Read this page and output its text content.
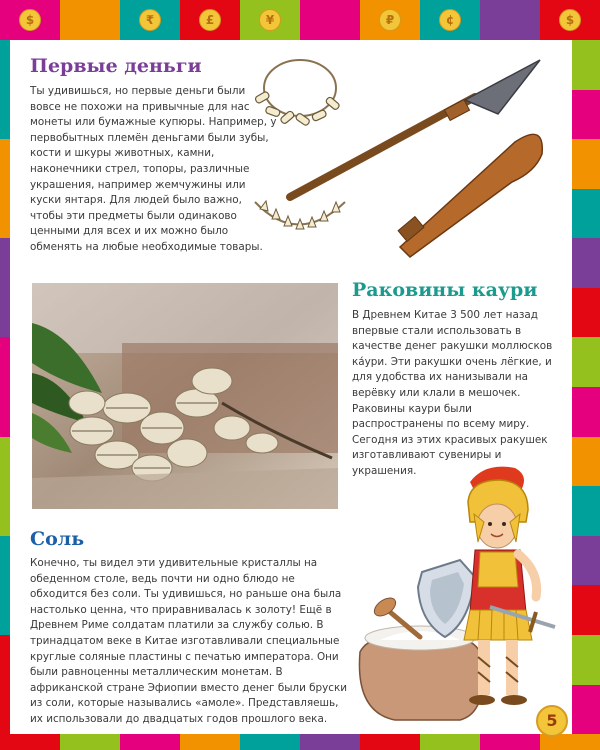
$	₹	£	¥	₽	¢	$
Первые деньги

Ты удивишься, но первые деньги были вовсе не похожи на привычные для нас монеты или бумажные купюры. Например, у первобытных племён деньгами были зубы, кости и шкуры животных, камни, наконечники стрел, топоры, различные украшения, например жемчужины или куски янтаря. Для людей было важно, чтобы эти предметы были одинаково ценными для всех и их можно было обменять на любые необходимые товары.

Раковины каури

В Древнем Китае 3 500 лет назад впервые стали использовать в качестве денег ракушки моллюсков ка́ури. Эти ракушки очень лёгкие, и для удобства их нанизывали на верёвку или клали в мешочек. Раковины каури были распространены по всему миру. Сегодня из этих красивых ракушек изготавливают сувениры и украшения.

Соль

Конечно, ты видел эти удивительные кристаллы на обеденном столе, ведь почти ни одно блюдо не обходится без соли. Ты удивишься, но раньше она была настолько ценна, что приравнивалась к золоту! Ещё в Древнем Риме солдатам платили за службу солью. В тринадцатом веке в Китае изготавливали специальные круглые соляные пластины с печатью императора. Они были равноценны металлическим монетам. В африканской стране Эфиопии вместо денег были бруски из соли, которые назывались «амоле». Представляешь, их использовали до двадцатых годов прошлого века.	5
